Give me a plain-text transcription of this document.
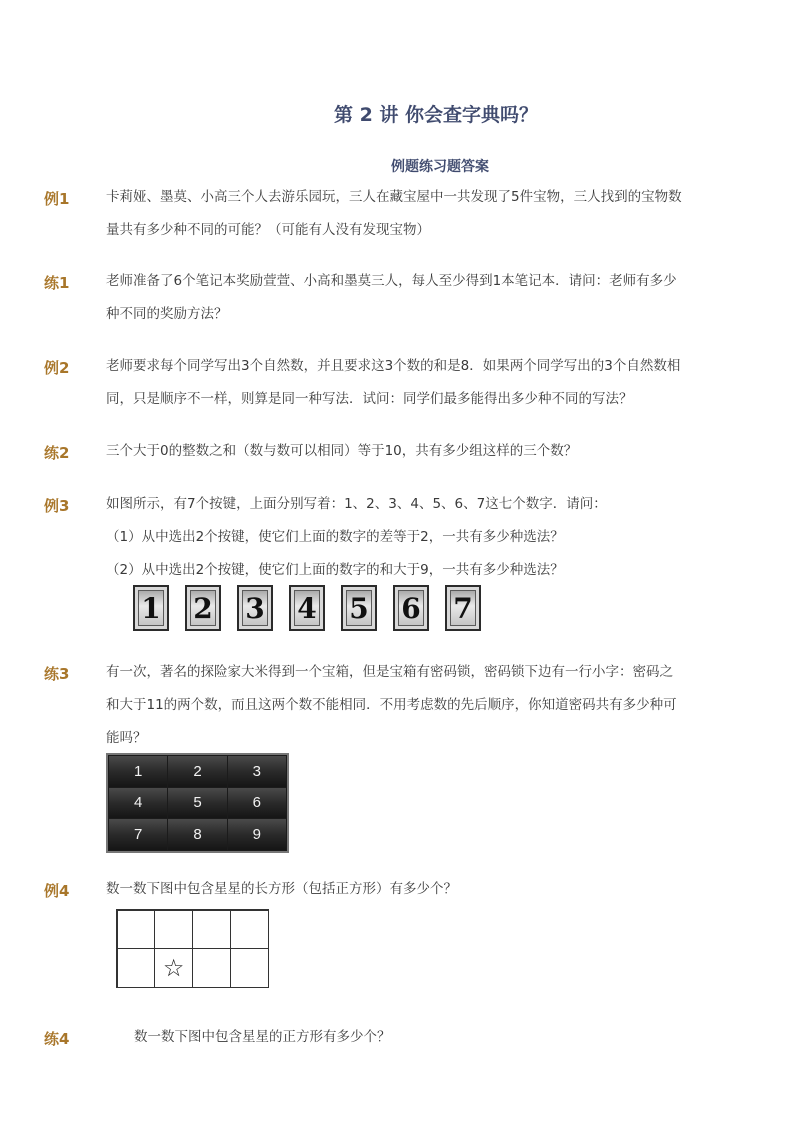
第 2 讲 你会查字典吗？
例题练习题答案
例1	卡莉娅、墨莫、小高三个人去游乐园玩，三人在藏宝屋中一共发现了5件宝物，三人找到的宝物数
量共有多少种不同的可能？（可能有人没有发现宝物）
练1	老师准备了6个笔记本奖励萱萱、小高和墨莫三人，每人至少得到1本笔记本．请问：老师有多少
种不同的奖励方法？
例2	老师要求每个同学写出3个自然数，并且要求这3个数的和是8．如果两个同学写出的3个自然数相
同，只是顺序不一样，则算是同一种写法．试问：同学们最多能得出多少种不同的写法？
练2	三个大于0的整数之和（数与数可以相同）等于10，共有多少组这样的三个数？
例3	如图所示，有7个按键，上面分别写着：1、2、3、4、5、6、7这七个数字．请问：
（1）从中选出2个按键，使它们上面的数字的差等于2，一共有多少种选法？
（2）从中选出2个按键，使它们上面的数字的和大于9，一共有多少种选法？
1 2 3 4 5 6 7
练3	有一次，著名的探险家大米得到一个宝箱，但是宝箱有密码锁，密码锁下边有一行小字：密码之
和大于11的两个数，而且这两个数不能相同．不用考虑数的先后顺序，你知道密码共有多少种可
能吗？
1	2	3
4	5	6
7	8	9
例4	数一数下图中包含星星的长方形（包括正方形）有多少个？
☆
练4	数一数下图中包含星星的正方形有多少个？
